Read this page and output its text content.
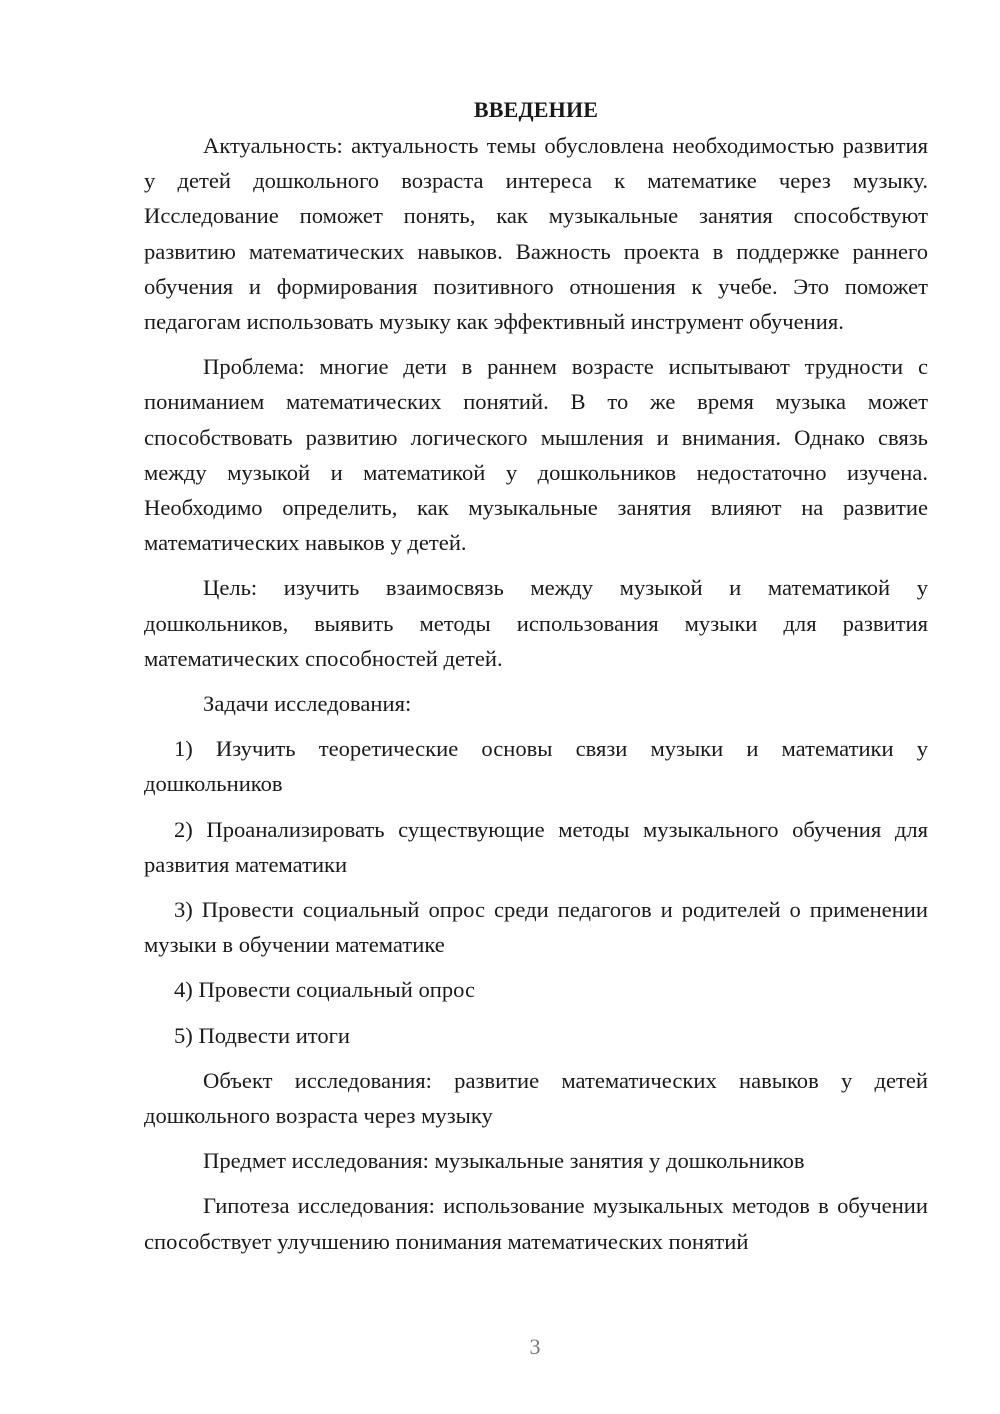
ВВЕДЕНИЕ

Актуальность: актуальность темы обусловлена необходимостью развития у детей дошкольного возраста интереса к математике через музыку. Исследование поможет понять, как музыкальные занятия способствуют развитию математических навыков. Важность проекта в поддержке раннего обучения и формирования позитивного отношения к учебе. Это поможет педагогам использовать музыку как эффективный инструмент обучения.

Проблема: многие дети в раннем возрасте испытывают трудности с пониманием математических понятий. В то же время музыка может способствовать развитию логического мышления и внимания. Однако связь между музыкой и математикой у дошкольников недостаточно изучена. Необходимо определить, как музыкальные занятия влияют на развитие математических навыков у детей.

Цель: изучить взаимосвязь между музыкой и математикой у дошкольников, выявить методы использования музыки для развития математических способностей детей.

Задачи исследования:

1) Изучить теоретические основы связи музыки и математики у дошкольников

2) Проанализировать существующие методы музыкального обучения для развития математики

3) Провести социальный опрос среди педагогов и родителей о применении музыки в обучении математике

4) Провести социальный опрос

5) Подвести итоги

Объект исследования: развитие математических навыков у детей дошкольного возраста через музыку

Предмет исследования: музыкальные занятия у дошкольников

Гипотеза исследования: использование музыкальных методов в обучении способствует улучшению понимания математических понятий

3
